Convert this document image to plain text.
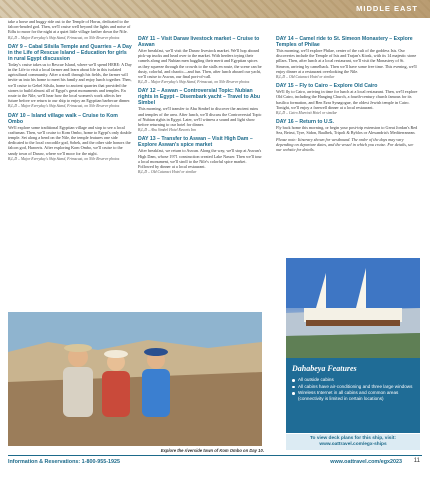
MIDDLE EAST

take a horse and buggy ride out to the Temple of Horus, dedicated to the falcon-headed god. Then, we'll cruise well beyond the lights and noise of Edfu to moor for the night at a quiet little village farther down the Nile.

B,L,D – Major Everyday's Ship Stand, Frimscast, on Nile Reserve photos

DAY 9 – Cabal Silsila Temple and Quarries – A Day in the Life of Rescue Island – Education for girls in rural Egypt discussion

Today's cruise takes us to Rescue Island, where we'll spend HERE: A Day in the Life to visit a local farmer and learn about life in this isolated agricultural community. After a stroll through his fields, the farmer will invite us into his home to meet his family and enjoy lunch together. Then, we'll cruise to Gebel Silsila, home to ancient quarries that provided the stones to build almost all of Egypt's great monuments and temples. En route to the Nile, we'll hear how the local women's work affects her future before we return to our ship to enjoy an Egyptian barbecue dinner.

B,L,D – Major Everyday's Ship Stand, Frimscast, on Nile Reserve photos

DAY 10 – Island village walk – Cruise to Kom Ombo

We'll explore some traditional Egyptian village and stop to see a local craftsman. Then, we'll cruise to Kom Ombo, home to Egypt's only double temple. Set along a bend on the Nile, the temple features one side dedicated to the local crocodile god, Sobek, and the other side honors the falcon god, Haroeris. After exploring Kom Ombo, we'll cruise to the sandy town of Daraw, where we'll moor for the night.

B,L,D – Major Everyday's Ship Stand, Frimscast, on Nile Reserve photos

DAY 11 – Visit Daraw livestock market – Cruise to Aswan

After breakfast, we'll visit the Daraw livestock market. We'll hop aboard pick-up trucks and head over to the market. With herders trying their camels along and Nubian men haggling their merit and Egyptian spices as they squeeze through the crowds to the stalls en route, the scene can be dusty, colorful, and chaotic—and fun. Then, after lunch aboard our yacht, we'll cruise to Aswan, our final port-of-call.

B,L,D – Major Everyday's Ship Stand, Frimscast, on Nile Reserve photos

DAY 12 – Aswan – Controversial Topic: Nubian rights in Egypt – Disembark yacht – Travel to Abu Simbel

This morning, we'll transfer to Abu Simbel to discover the ancient ruins and temples of the area. After lunch, we'll discuss the Controversial Topic of Nubian rights in Egypt. Later, we'll witness a sound and light show before returning to our hotel for dinner.

B,L,D – Abu Simbel Hotel Resorts Inn

DAY 13 – Transfer to Aswan – Visit High Dam – Explore Aswan's spice market

After breakfast, we return to Aswan. Along the way, we'll stop at Aswan's High Dam, whose 1971 construction created Lake Nasser. Then we'll tour a local monument, we'll stroll to the Nile's colorful spice market. Followed by dinner at a local restaurant.

B,L,D – Old Cataract Hotel or similar

DAY 14 – Camel ride to St. Simeon Monastery – Explore Temples of Philae

This morning, we'll explore Philae, center of the cult of the goddess Isis. Our discoveries include the Temple of Isis and Trajan's Kiosk, with its 14 majestic stone pillars. Then, after lunch at a local restaurant, we'll visit the Monastery of St. Simeon, arriving by camelback. Then we'll have some free time. This evening, we'll enjoy dinner at a restaurant overlooking the Nile.

B,L,D – Old Cataract Hotel or similar

DAY 15 – Fly to Cairo – Explore Old Cairo

We'll fly to Cairo, arriving in time for lunch at a local restaurant. Then, we'll explore Old Cairo, including the Hanging Church, a fourth-century church famous for its basilica formation, and Ben Ezra Synagogue, the oldest Jewish temple in Cairo. Tonight, we'll enjoy a farewell dinner at a local restaurant.

B,L,D – Cairo Marriott Hotel or similar

DAY 16 – Return to U.S.

Fly back home this morning, or begin your post-trip extension to Great Jordan's Red Sea, Beirut, Tyre, Sidon, Baalbek, Tripoli & Byblos or Alexandria's Mediterranean.

Please note: Itinerary shown for westbound. The order of the days may vary depending on departure dates, and the vessel in which you cruise. For details, see our website for details.

Explore the riverside town of Kom Ombo on Day 10.
Dahabeya Features
All outside cabins
All cabins have air-conditioning and three large windows
Wireless Internet in all cabins and common areas (connectivity is limited in certain locations)
To view deck plans for this ship, visit:
www.oattravel.com/egx-ships
Information & Reservations: 1-800-955-1925	www.oattravel.com/egx2023 11
